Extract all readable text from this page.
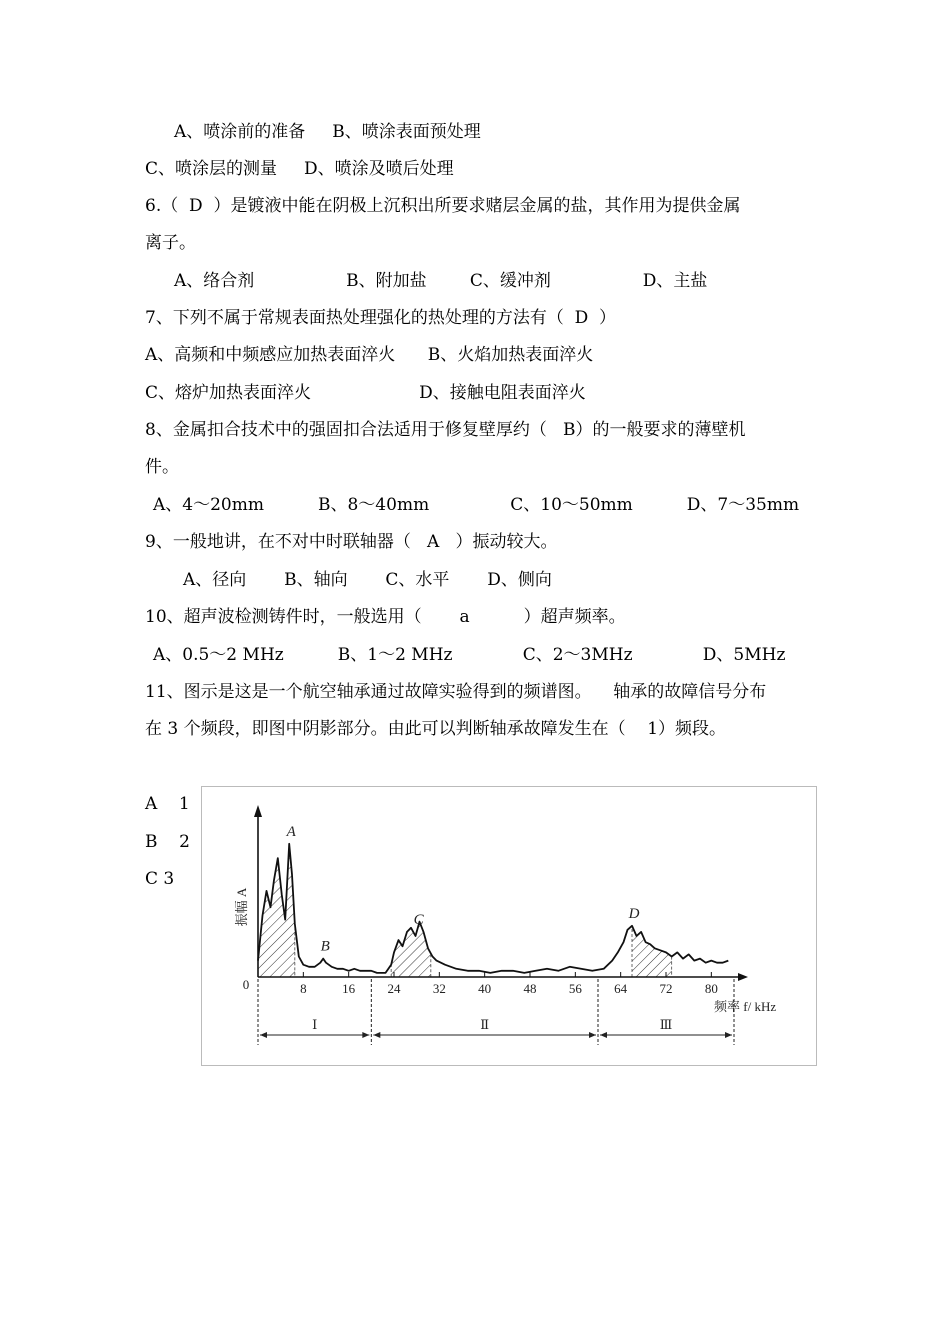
A、喷涂前的准备     B、喷涂表面预处理
C、喷涂层的测量     D、喷涂及喷后处理
6.（  D  ）是镀液中能在阴极上沉积出所要求赌层金属的盐，其作用为提供金属
离子。
A、络合剂                 B、附加盐        C、缓冲剂                 D、主盐
7、下列不属于常规表面热处理强化的热处理的方法有（  D  ）
A、高频和中频感应加热表面淬火      B、火焰加热表面淬火
C、熔炉加热表面淬火                    D、接触电阻表面淬火
8、金属扣合技术中的强固扣合法适用于修复壁厚约（   B）的一般要求的薄壁机
件。
A、4～20mm          B、8～40mm               C、10～50mm          D、7～35mm
9、一般地讲，在不对中时联轴器（   A   ）振动较大。
A、径向       B、轴向       C、水平       D、侧向
10、超声波检测铸件时，一般选用（       a          ）超声频率。
A、0.5～2 MHz          B、1～2 MHz             C、2～3MHz             D、5MHz
11、图示是这是一个航空轴承通过故障实验得到的频谱图。    轴承的故障信号分布
在 3 个频段，即图中阴影部分。由此可以判断轴承故障发生在（    1）频段。
A    1
B    2
C 3
8	16 24 32 40 48 56 64 72 80
0
频率 f/ kHz
振幅 A
A
B
C	D
Ⅰ	Ⅱ	Ⅲ
